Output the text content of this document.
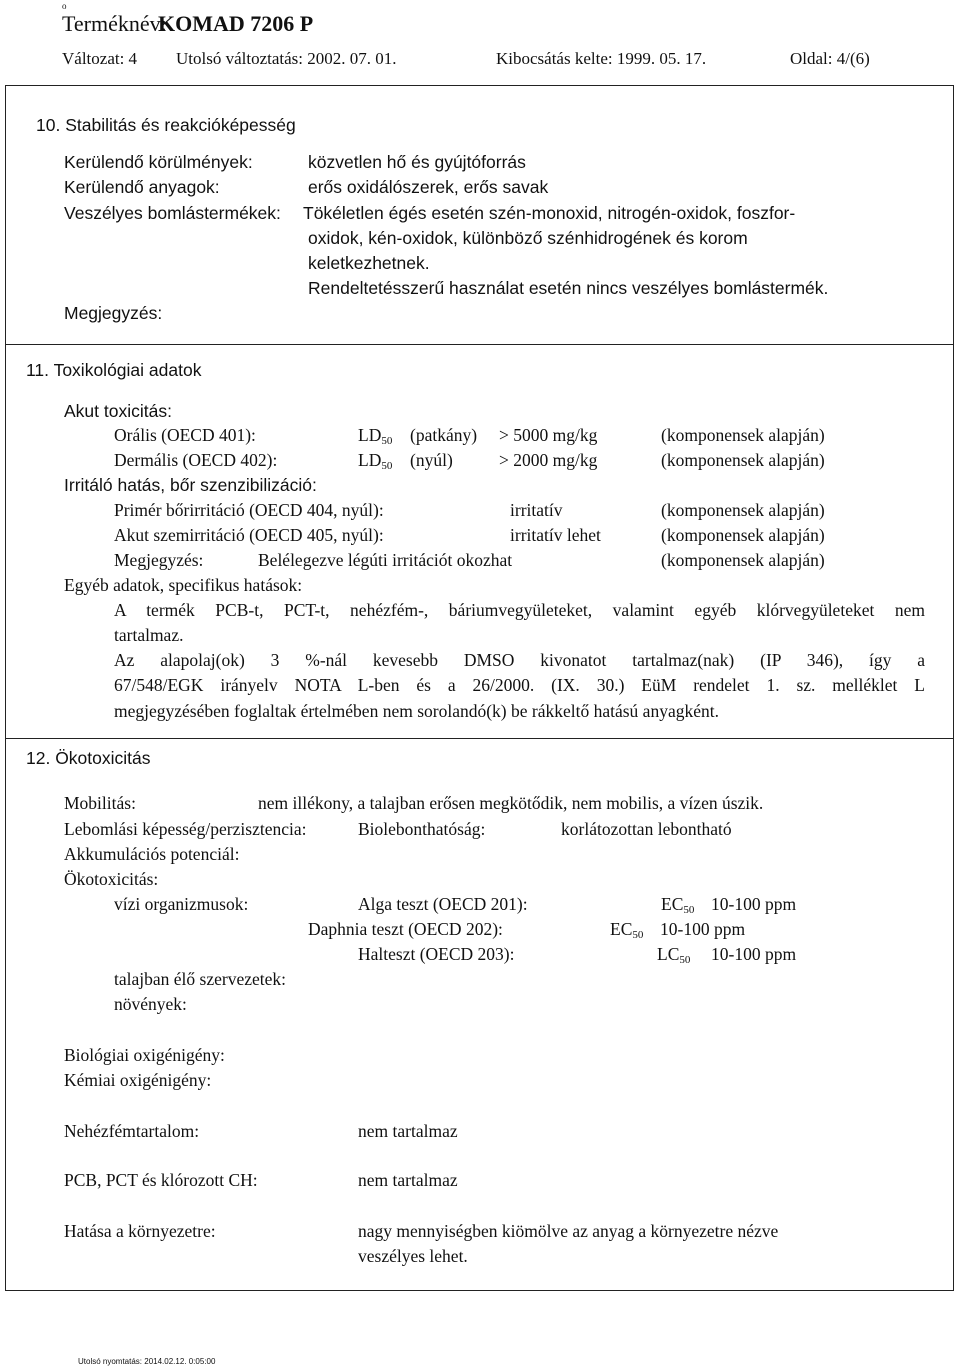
o
Terméknév:
KOMAD 7206 P
Változat: 4 Utolsó változtatás: 2002. 07. 01.	Kibocsátás kelte: 1999. 05. 17.	Oldal: 4/(6)
10. Stabilitás és reakcióképesség
Kerülendő körülmények:	közvetlen hő és gyújtóforrás
Kerülendő anyagok:	erős oxidálószerek, erős savak
Veszélyes bomlástermékek: Tökéletlen égés esetén szén-monoxid, nitrogén-oxidok, foszfor-
oxidok, kén-oxidok, különböző szénhidrogének és korom
keletkezhetnek.
Rendeltetésszerű használat esetén nincs veszélyes bomlástermék.
Megjegyzés:
11. Toxikológiai adatok
Akut toxicitás:
Orális (OECD 401):	$LD_{50}$ (patkány) > 5000 mg/kg	(komponensek alapján)
Dermális (OECD 402):	$LD_{50}$ (nyúl)	> 2000 mg/kg	(komponensek alapján)
Irritáló hatás, bőr szenzibilizáció:
Primér bőrirritáció (OECD 404, nyúl):	irritatív	(komponensek alapján)
Akut szemirritáció (OECD 405, nyúl):	irritatív lehet	(komponensek alapján)
Megjegyzés:	Belélegezve légúti irritációt okozhat	(komponensek alapján)
Egyéb adatok, specifikus hatások:
A termék PCB-t, PCT-t, nehézfém-, báriumvegyületeket, valamint egyéb klórvegyületeket nem
tartalmaz.
Az alapolaj(ok) 3 %-nál kevesebb DMSO kivonatot tartalmaz(nak) (IP 346), így a
67/548/EGK irányelv NOTA L-ben és a 26/2000. (IX. 30.) EüM rendelet 1. sz. melléklet L
megjegyzésében foglaltak értelmében nem sorolandó(k) be rákkeltő hatású anyagként.
12. Ökotoxicitás
Mobilitás:	nem illékony, a talajban erősen megkötődik, nem mobilis, a vízen úszik.
Lebomlási képesség/perzisztencia:	Biolebonthatóság:	korlátozottan lebontható
Akkumulációs potenciál:
Ökotoxicitás:
vízi organizmusok:	Alga teszt (OECD 201):	$EC_{50}$ 10-100 ppm
Daphnia teszt (OECD 202):	$EC_{50}$ 10-100 ppm
Halteszt (OECD 203):	$LC_{50}$ 10-100 ppm
talajban élő szervezetek:
növények:
Biológiai oxigénigény:
Kémiai oxigénigény:
Nehézfémtartalom:	nem tartalmaz
PCB, PCT és klórozott CH:	nem tartalmaz
Hatása a környezetre:	nagy mennyiségben kiömölve az anyag a környezetre nézve
veszélyes lehet.
Utolsó nyomtatás: 2014.02.12. 0:05:00
